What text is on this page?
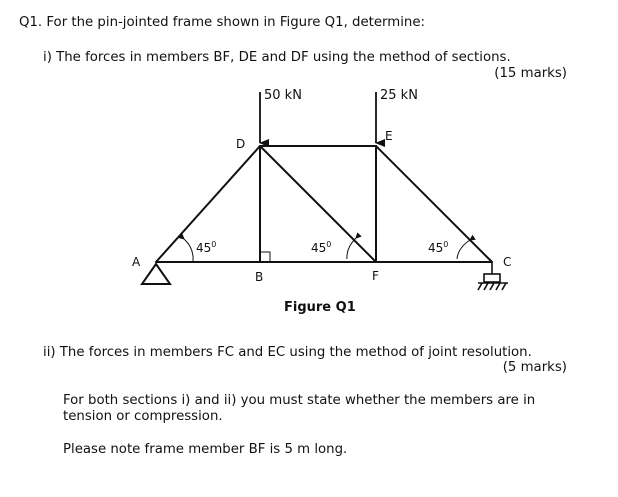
Q1. For the pin-jointed frame shown in Figure Q1, determine:
i) The forces in members BF, DE and DF using the method of sections.
(15 marks)
50 kN	25 kN
A
B
C
D
E
F
$45^0$	$45^0$	$45^0$
Figure Q1
ii) The forces in members FC and EC using the method of joint resolution.
(5 marks)
For both sections i) and ii) you must state whether the members are in
tension or compression.
Please note frame member BF is 5 m long.
